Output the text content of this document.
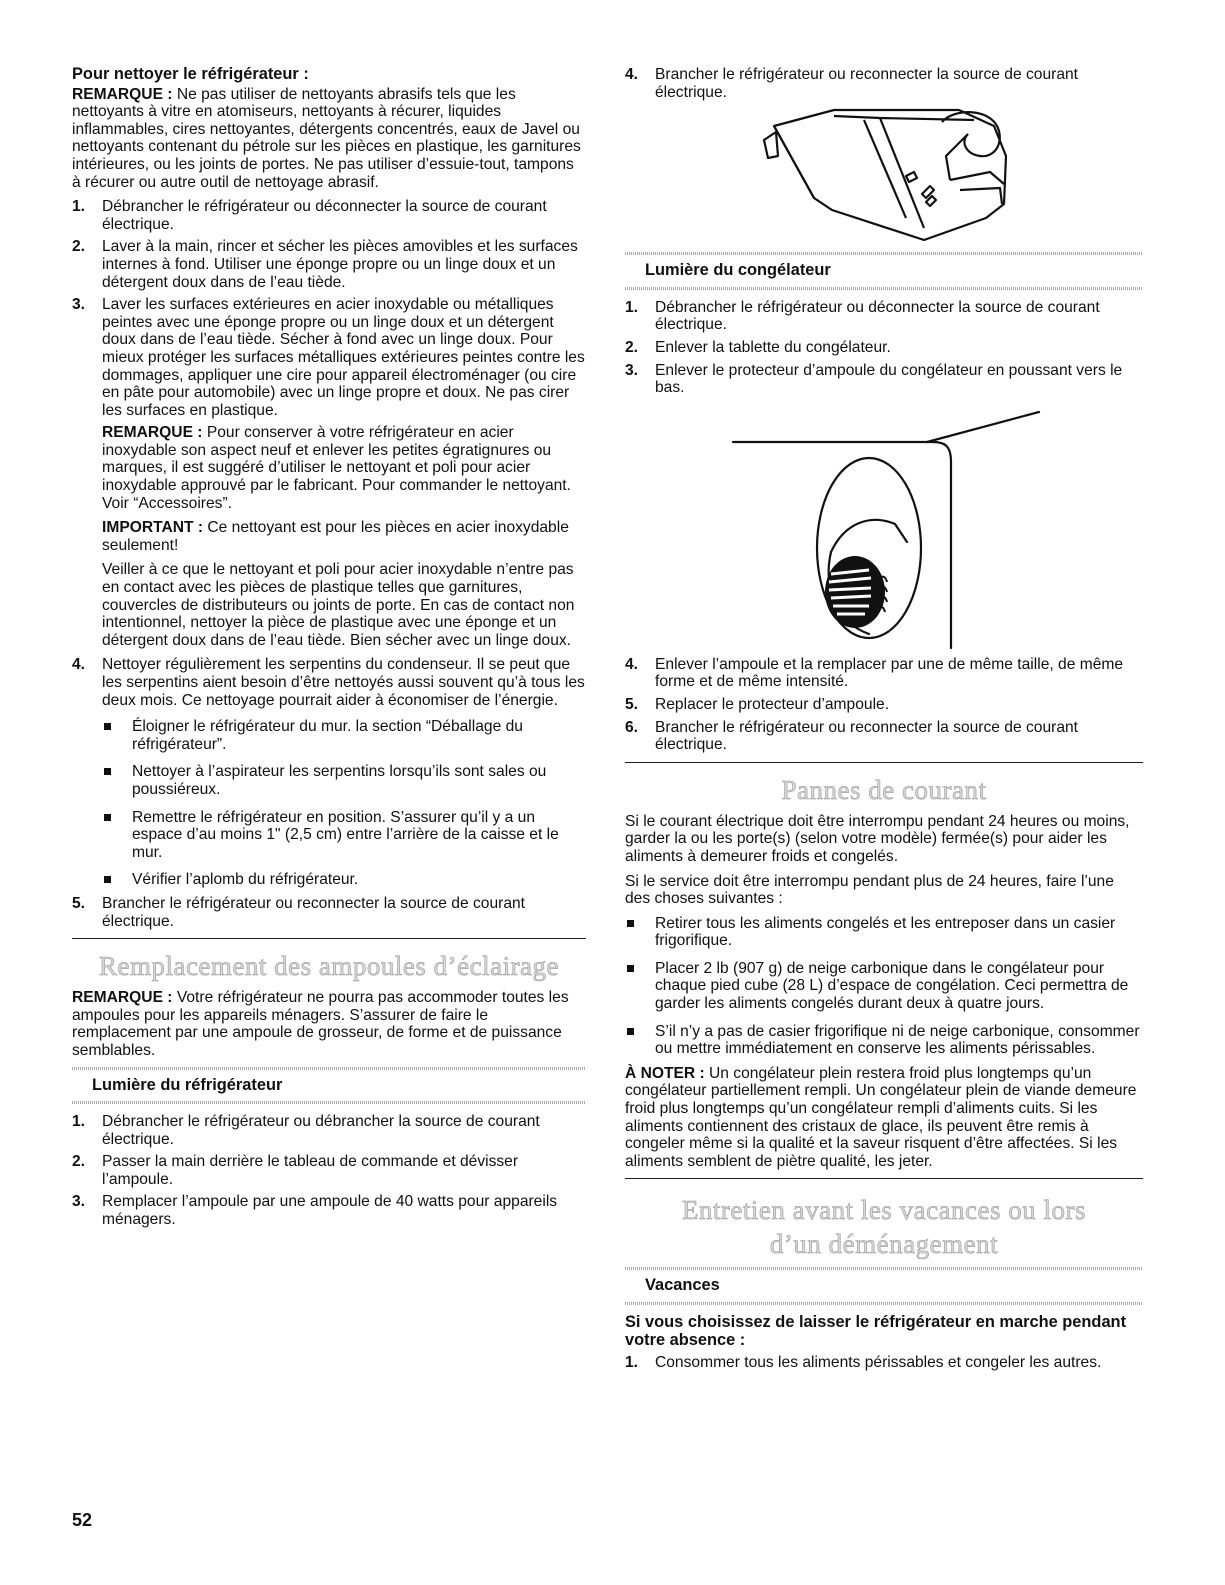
Pour nettoyer le réfrigérateur :

REMARQUE : Ne pas utiliser de nettoyants abrasifs tels que les nettoyants à vitre en atomiseurs, nettoyants à récurer, liquides inflammables, cires nettoyantes, détergents concentrés, eaux de Javel ou nettoyants contenant du pétrole sur les pièces en plastique, les garnitures intérieures, ou les joints de portes. Ne pas utiliser d’essuie-tout, tampons à récurer ou autre outil de nettoyage abrasif.

1. Débrancher le réfrigérateur ou déconnecter la source de courant électrique.
2. Laver à la main, rincer et sécher les pièces amovibles et les surfaces internes à fond. Utiliser une éponge propre ou un linge doux et un détergent doux dans de l’eau tiède.
3. Laver les surfaces extérieures en acier inoxydable ou métalliques peintes avec une éponge propre ou un linge doux et un détergent doux dans de l’eau tiède. Sécher à fond avec un linge doux. Pour mieux protéger les surfaces métalliques extérieures peintes contre les dommages, appliquer une cire pour appareil électroménager (ou cire en pâte pour automobile) avec un linge propre et doux. Ne pas cirer les surfaces en plastique.

REMARQUE : Pour conserver à votre réfrigérateur en acier inoxydable son aspect neuf et enlever les petites égratignures ou marques, il est suggéré d’utiliser le nettoyant et poli pour acier inoxydable approuvé par le fabricant. Pour commander le nettoyant. Voir “Accessoires”.

IMPORTANT : Ce nettoyant est pour les pièces en acier inoxydable seulement!

Veiller à ce que le nettoyant et poli pour acier inoxydable n’entre pas en contact avec les pièces de plastique telles que garnitures, couvercles de distributeurs ou joints de porte. En cas de contact non intentionnel, nettoyer la pièce de plastique avec une éponge et un détergent doux dans de l’eau tiède. Bien sécher avec un linge doux.

4. Nettoyer régulièrement les serpentins du condenseur. Il se peut que les serpentins aient besoin d’être nettoyés aussi souvent qu’à tous les deux mois. Ce nettoyage pourrait aider à économiser de l’énergie.
Éloigner le réfrigérateur du mur. la section “Déballage du réfrigérateur”.
Nettoyer à l’aspirateur les serpentins lorsqu’ils sont sales ou poussiéreux.
Remettre le réfrigérateur en position. S’assurer qu’il y a un espace d’au moins 1" (2,5 cm) entre l’arrière de la caisse et le mur.
Vérifier l’aplomb du réfrigérateur.
5. Brancher le réfrigérateur ou reconnecter la source de courant électrique.
Remplacement des ampoules d’éclairage

REMARQUE : Votre réfrigérateur ne pourra pas accommoder toutes les ampoules pour les appareils ménagers. S’assurer de faire le remplacement par une ampoule de grosseur, de forme et de puissance semblables.

Lumière du réfrigérateur
1. Débrancher le réfrigérateur ou débrancher la source de courant électrique.
2. Passer la main derrière le tableau de commande et dévisser l’ampoule.
3. Remplacer l’ampoule par une ampoule de 40 watts pour appareils ménagers.
4. Brancher le réfrigérateur ou reconnecter la source de courant électrique.
Lumière du congélateur
1. Débrancher le réfrigérateur ou déconnecter la source de courant électrique.
2. Enlever la tablette du congélateur.
3. Enlever le protecteur d’ampoule du congélateur en poussant vers le bas.
4. Enlever l’ampoule et la remplacer par une de même taille, de même forme et de même intensité.
5. Replacer le protecteur d’ampoule.
6. Brancher le réfrigérateur ou reconnecter la source de courant électrique.
Pannes de courant

Si le courant électrique doit être interrompu pendant 24 heures ou moins, garder la ou les porte(s) (selon votre modèle) fermée(s) pour aider les aliments à demeurer froids et congelés.

Si le service doit être interrompu pendant plus de 24 heures, faire l’une des choses suivantes :

Retirer tous les aliments congelés et les entreposer dans un casier frigorifique.
Placer 2 lb (907 g) de neige carbonique dans le congélateur pour chaque pied cube (28 L) d’espace de congélation. Ceci permettra de garder les aliments congelés durant deux à quatre jours.
S’il n’y a pas de casier frigorifique ni de neige carbonique, consommer ou mettre immédiatement en conserve les aliments périssables.

À NOTER : Un congélateur plein restera froid plus longtemps qu’un congélateur partiellement rempli. Un congélateur plein de viande demeure froid plus longtemps qu’un congélateur rempli d’aliments cuits. Si les aliments contiennent des cristaux de glace, ils peuvent être remis à congeler même si la qualité et la saveur risquent d’être affectées. Si les aliments semblent de piètre qualité, les jeter.

Entretien avant les vacances ou lors
d’un déménagement
Vacances
Si vous choisissez de laisser le réfrigérateur en marche pendant votre absence :
1. Consommer tous les aliments périssables et congeler les autres.
52
